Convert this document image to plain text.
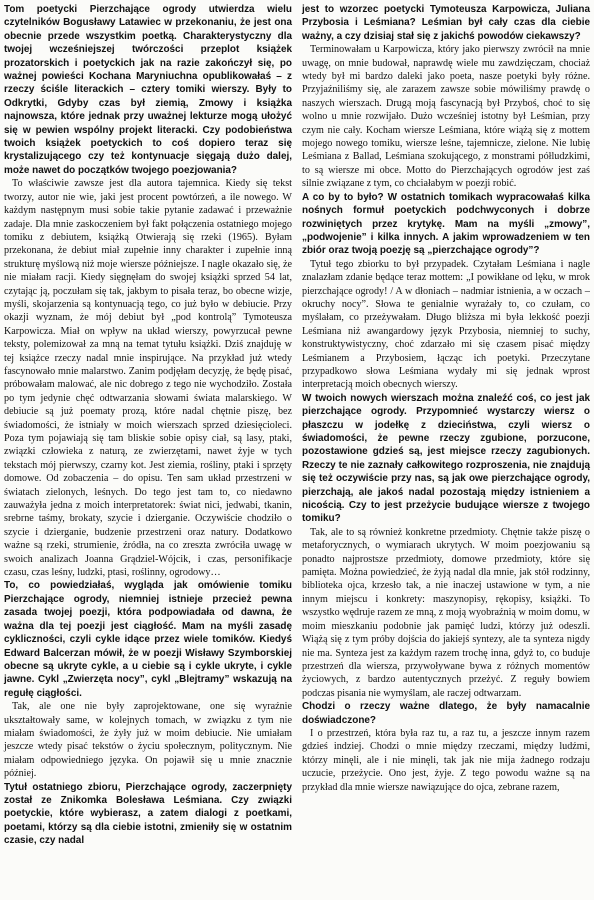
Tom poetycki Pierzchające ogrody utwierdza wielu czytelników Bogusławy Latawiec w przekonaniu, że jest ona obecnie przede wszystkim poetką. Charakterystyczny dla twojej wcześniejszej twórczości przeplot książek prozatorskich i poetyckich jak na razie zakończył się, po ważnej powieści Kochana Maryniuchna opublikowałaś – z rzeczy ściśle literackich – cztery tomiki wierszy. Były to Odkrytki, Gdyby czas był ziemią, Zmowy i książka najnowsza, które jednak przy uważnej lekturze mogą ułożyć się w pewien wspólny projekt literacki. Czy podobieństwa twoich książek poetyckich to coś dopiero teraz się krystalizującego czy też kontynuacje sięgają dużo dalej, może nawet do początków twojego poezjowania?

To właściwie zawsze jest dla autora tajemnica. Kiedy się tekst tworzy, autor nie wie, jaki jest procent powtórzeń, a ile nowego. W każdym następnym musi sobie takie pytanie zadawać i przeważnie zadaje. Dla mnie zaskoczeniem był fakt połączenia ostatniego mojego tomiku z debiutem, książką Otwierają się rzeki (1965). Byłam przekonana, że debiut miał zupełnie inny charakter i zupełnie inną strukturę myślową niż moje wiersze późniejsze. I nagle okazało się, że nie miałam racji. Kiedy sięgnęłam do swojej książki sprzed 54 lat, czytając ją, poczułam się tak, jakbym to pisała teraz, bo obecne wizje, myśli, skojarzenia są kontynuacją tego, co już było w debiucie. Przy okazji wyznam, że mój debiut był „pod kontrolą” Tymoteusza Karpowicza. Miał on wpływ na układ wierszy, powyrzucał pewne teksty, polemizował za mną na temat tytułu książki. Dziś znajduję w tej książce rzeczy nadal mnie inspirujące. Na przykład już wtedy fascynowało mnie malarstwo. Zanim podjęłam decyzję, że będę pisać, próbowałam malować, ale nic dobrego z tego nie wychodziło. Została po tym jedynie chęć odtwarzania słowami świata malarskiego. W debiucie są już poematy prozą, które nadal chętnie piszę, bez świadomości, że istniały w moich wierszach sprzed dziesięcioleci. Poza tym pojawiają się tam bliskie sobie opisy ciał, są lasy, ptaki, związki człowieka z naturą, ze zwierzętami, nawet żyje w tych tekstach mój pierwszy, czarny kot. Jest ziemia, rośliny, ptaki i sprzęty domowe. Od zobaczenia – do opisu. Ten sam układ przestrzeni w światach zielonych, leśnych. Do tego jest tam to, co niedawno zauważyła jedna z moich interpretatorek: świat nici, jedwabi, tkanin, srebrne taśmy, brokaty, szycie i dzierganie. Oczywiście chodziło o szycie i dzierganie, budzenie przestrzeni oraz natury. Dodatkowo ważne są rzeki, strumienie, źródła, na co zreszta zwróciła uwagę w swoich analizach Joanna Grądziel-Wójcik, i czas, personifikacje czasu, czas leśny, ludzki, ptasi, roślinny, ogrodowy…

To, co powiedziałaś, wygląda jak omówienie tomiku Pierzchające ogrody, niemniej istnieje przecież pewna zasada twojej poezji, która podpowiadała od dawna, że ważna dla tej poezji jest ciągłość. Mam na myśli zasadę cykliczności, czyli cykle idące przez wiele tomików. Kiedyś Edward Balcerzan mówił, że w poezji Wisławy Szymborskiej obecne są ukryte cykle, a u ciebie są i cykle ukryte, i cykle jawne. Cykl „Zwierzęta nocy”, cykl „Blejtramy” wskazują na regułę ciągłości.

Tak, ale one nie były zaprojektowane, one się wyraźnie ukształtowały same, w kolejnych tomach, w związku z tym nie miałam świadomości, że żyły już w moim debiucie. Nie umiałam jeszcze wtedy pisać tekstów o życiu społecznym, politycznym. Nie miałam odpowiedniego języka. On pojawił się u mnie znacznie później.

Tytuł ostatniego zbioru, Pierzchające ogrody, zaczerpnięty został ze Znikomka Bolesława Leśmiana. Czy związki poetyckie, które wybierasz, a zatem dialogi z poetkami, poetami, którzy są dla ciebie istotni, zmieniły się w ostatnim czasie, czy nadal

jest to wzorzec poetycki Tymoteusza Karpowicza, Juliana Przybosia i Leśmiana? Leśmian był cały czas dla ciebie ważny, a czy dzisiaj stał się z jakichś powodów ciekawszy?

Terminowałam u Karpowicza, który jako pierwszy zwrócił na mnie uwagę, on mnie budował, naprawdę wiele mu zawdzięczam, chociaż wtedy był mi bardzo daleki jako poeta, nasze poetyki były różne. Przyjaźniliśmy się, ale zarazem zawsze sobie mówiliśmy prawdę o naszych wierszach. Drugą moją fascynacją był Przyboś, choć to się wolno u mnie rozwijało. Dużo wcześniej istotny był Leśmian, przy czym nie cały. Kocham wiersze Leśmiana, które wiążą się z mottem mojego nowego tomiku, wiersze leśne, tajemnicze, zielone. Nie lubię Leśmiana z Ballad, Leśmiana szokującego, z monstrami półludzkimi, to są wiersze mi obce. Motto do Pierzchających ogrodów jest zaś silnie związane z tym, co chciałabym w poezji robić.

A co by to było? W ostatnich tomikach wypracowałaś kilka nośnych formuł poetyckich podchwyconych i dobrze rozwiniętych przez krytykę. Mam na myśli „zmowy”, „podwojenie” i kilka innych. A jakim wprowadzeniem w ten zbiór oraz twoją poezję są „pierzchające ogrody”?

Tytuł tego zbiorku to był przypadek. Czytałam Leśmiana i nagle znalazłam zdanie będące teraz mottem: „I powikłane od lęku, w mrok pierzchające ogrody! / A w dłoniach – nadmiar istnienia, a w oczach – okruchy nocy”. Słowa te genialnie wyrażały to, co czułam, co myślałam, co przeżywałam. Długo bliższa mi była lekkość poezji Leśmiana niż awangardowy język Przybosia, niemniej to suchy, konstruktywistyczny, choć zdarzało mi się czasem pisać między Leśmianem a Przybosiem, łącząc ich poetyki. Przeczytane przypadkowo słowa Leśmiana wydały mi się jednak wprost interpretacją moich obecnych wierszy.

W twoich nowych wierszach można znaleźć coś, co jest jak pierzchające ogrody. Przypomnieć wystarczy wiersz o płaszczu w jodełkę z dzieciństwa, czyli wiersz o świadomości, że pewne rzeczy zgubione, porzucone, pozostawione gdzieś są, jest miejsce rzeczy zagubionych. Rzeczy te nie zaznały całkowitego rozproszenia, nie znajdują się też oczywiście przy nas, są jak owe pierzchające ogrody, pierzchają, ale jakoś nadal pozostają między istnieniem a nicością. Czy to jest przeżycie budujące wiersze z twojego tomiku?

Tak, ale to są również konkretne przedmioty. Chętnie także piszę o metaforycznych, o wymiarach ukrytych. W moim poezjowaniu są ponadto najprostsze przedmioty, domowe przedmioty, które się pamięta. Można powiedzieć, że żyją nadal dla mnie, jak stół rodzinny, biblioteka ojca, krzesło tak, a nie inaczej ustawione w tym, a nie innym miejscu i konkrety: maszynopisy, rękopisy, książki. To wszystko wędruje razem ze mną, z moją wyobraźnią w moim domu, w moim mieszkaniu podobnie jak pamięć ludzi, którzy już odeszli. Wiążą się z tym próby dojścia do jakiejś syntezy, ale ta synteza nigdy nie ma. Synteza jest za każdym razem trochę inna, gdyż to, co buduje przestrzeń dla wiersza, przywoływane bywa z różnych momentów życiowych, z bardzo autentycznych przeżyć. Z reguły bowiem podczas pisania nie wymyślam, ale raczej odtwarzam.

Chodzi o rzeczy ważne dlatego, że były namacalnie doświadczone?

I o przestrzeń, która była raz tu, a raz tu, a jeszcze innym razem gdzieś indziej. Chodzi o mnie między rzeczami, między ludźmi, którzy minęli, ale i nie minęli, tak jak nie mija żadnego rodzaju uczucie, przeżycie. Ono jest, żyje. Z tego powodu ważne są na przykład dla mnie wiersze nawiązujące do ojca, zebrane razem,
